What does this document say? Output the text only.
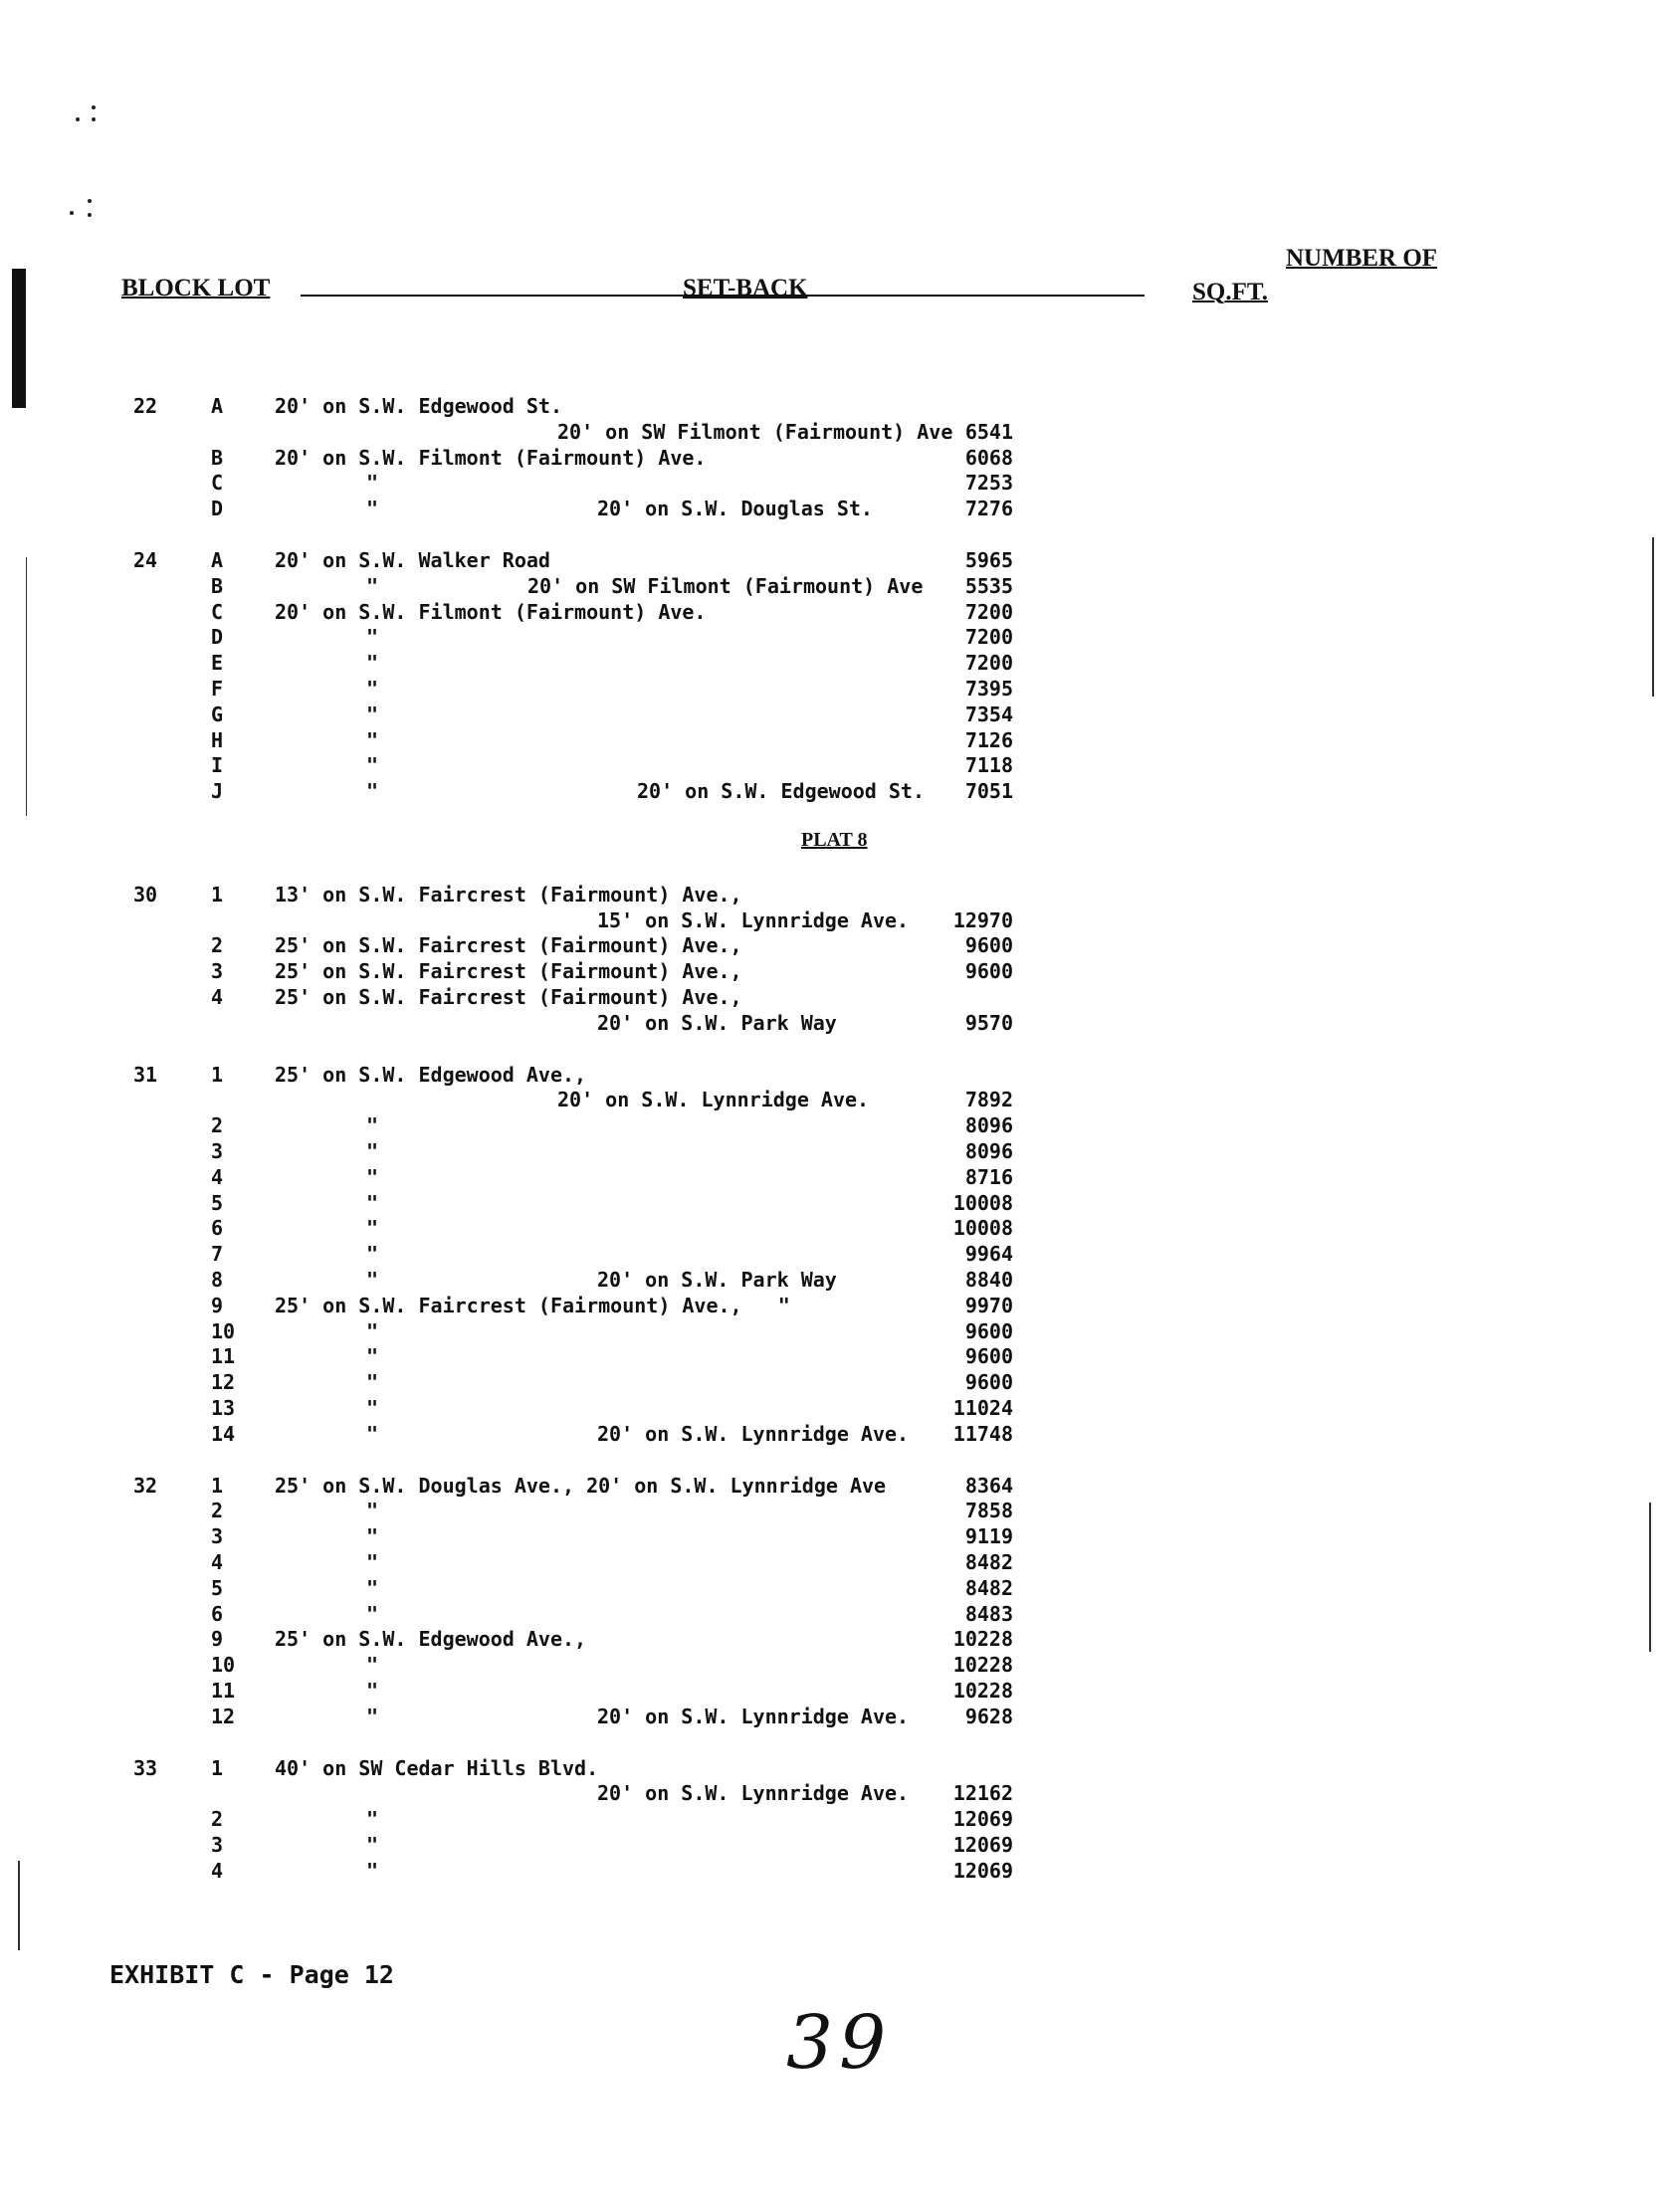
BLOCK LOT	SET-BACK
NUMBER OF
SQ.FT.
22	A	20' on S.W. Edgewood St.
20' on SW Filmont (Fairmount) Ave 6541
B	20' on S.W. Filmont (Fairmount) Ave.	6068
C	"	7253
D	"	20' on S.W. Douglas St.	7276
24	A	20' on S.W. Walker Road	5965
B	"	20' on SW Filmont (Fairmount) Ave 5535
C	20' on S.W. Filmont (Fairmount) Ave.	7200
D	"	7200
E	"	7200
F	"	7395
G	"	7354
H	"	7126
I	"	7118
J	"	20' on S.W. Edgewood St. 7051
PLAT 8
30	1	13' on S.W. Faircrest (Fairmount) Ave.,
15' on S.W. Lynnridge Ave. 12970
2	25' on S.W. Faircrest (Fairmount) Ave.,	9600
3	25' on S.W. Faircrest (Fairmount) Ave.,	9600
4	25' on S.W. Faircrest (Fairmount) Ave.,
20' on S.W. Park Way	9570
31	1	25' on S.W. Edgewood Ave.,
20' on S.W. Lynnridge Ave.	7892
2	"	8096
3	"	8096
4	"	8716
5	"	10008
6	"	10008
7	"	9964
8	"	20' on S.W. Park Way	8840
9	25' on S.W. Faircrest (Fairmount) Ave.,   "	9970
10	"	9600
11	"	9600
12	"	9600
13	"	11024
14	"	20' on S.W. Lynnridge Ave. 11748
32	1	25' on S.W. Douglas Ave., 20' on S.W. Lynnridge Ave	8364
2	"	7858
3	"	9119
4	"	8482
5	"	8482
6	"	8483
9	25' on S.W. Edgewood Ave.,	10228
10	"	10228
11	"	10228
12	"	20' on S.W. Lynnridge Ave.	9628
33	1	40' on SW Cedar Hills Blvd.
20' on S.W. Lynnridge Ave. 12162
2	"	12069
3	"	12069
4	"	12069
EXHIBIT C - Page 12
39
